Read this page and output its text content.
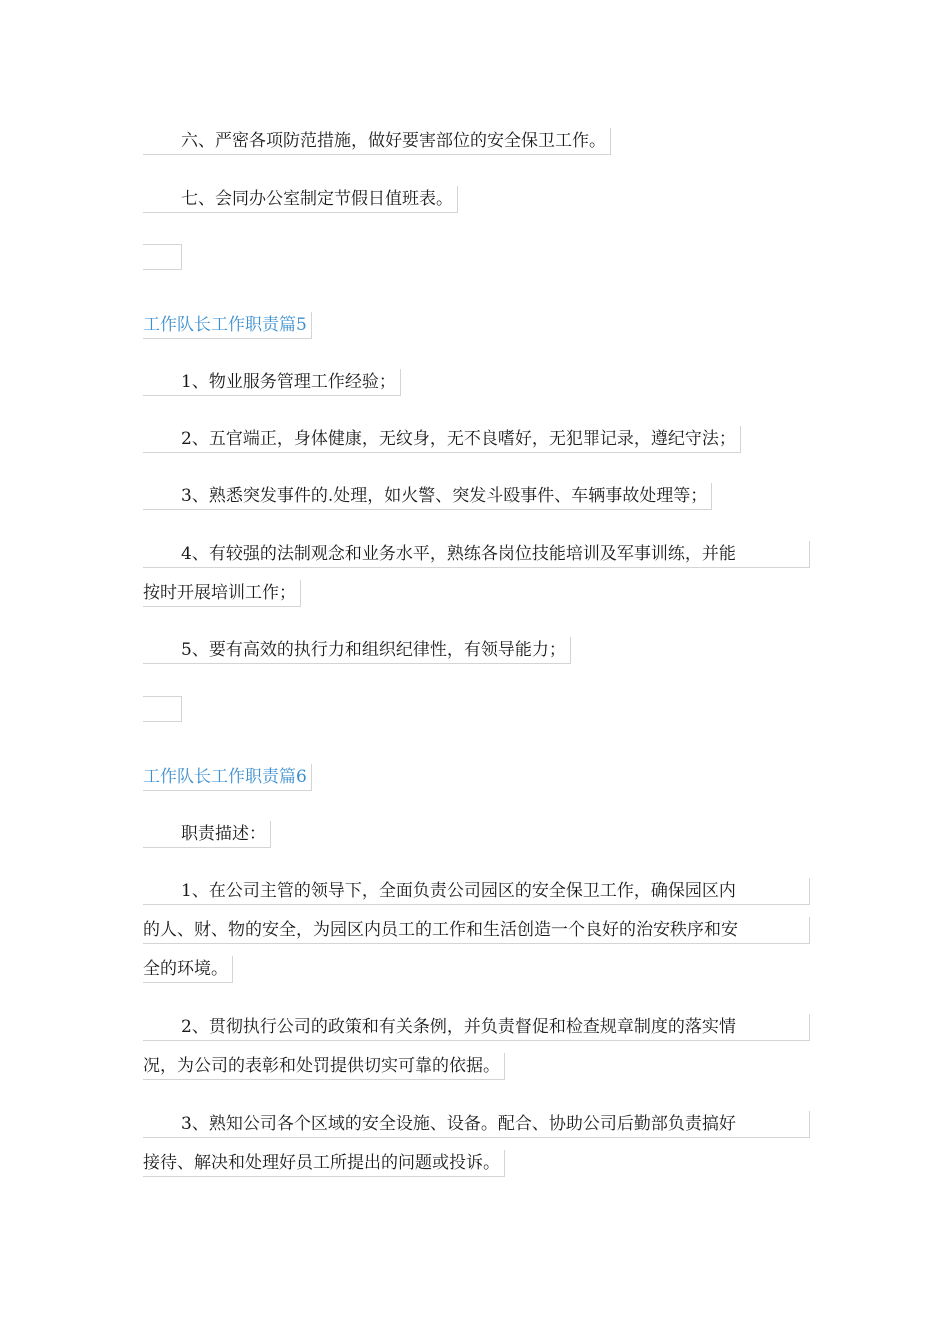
六、严密各项防范措施，做好要害部位的安全保卫工作。
七、会同办公室制定节假日值班表。
工作队长工作职责篇5
1、物业服务管理工作经验；
2、五官端正，身体健康，无纹身，无不良嗜好，无犯罪记录，遵纪守法；
3、熟悉突发事件的.处理，如火警、突发斗殴事件、车辆事故处理等；
4、有较强的法制观念和业务水平，熟练各岗位技能培训及军事训练，并能
按时开展培训工作；
5、要有高效的执行力和组织纪律性，有领导能力；
工作队长工作职责篇6
职责描述：
1、在公司主管的领导下，全面负责公司园区的安全保卫工作，确保园区内
的人、财、物的安全，为园区内员工的工作和生活创造一个良好的治安秩序和安
全的环境。
2、贯彻执行公司的政策和有关条例，并负责督促和检查规章制度的落实情
况，为公司的表彰和处罚提供切实可靠的依据。
3、熟知公司各个区域的安全设施、设备。配合、协助公司后勤部负责搞好
接待、解决和处理好员工所提出的问题或投诉。
